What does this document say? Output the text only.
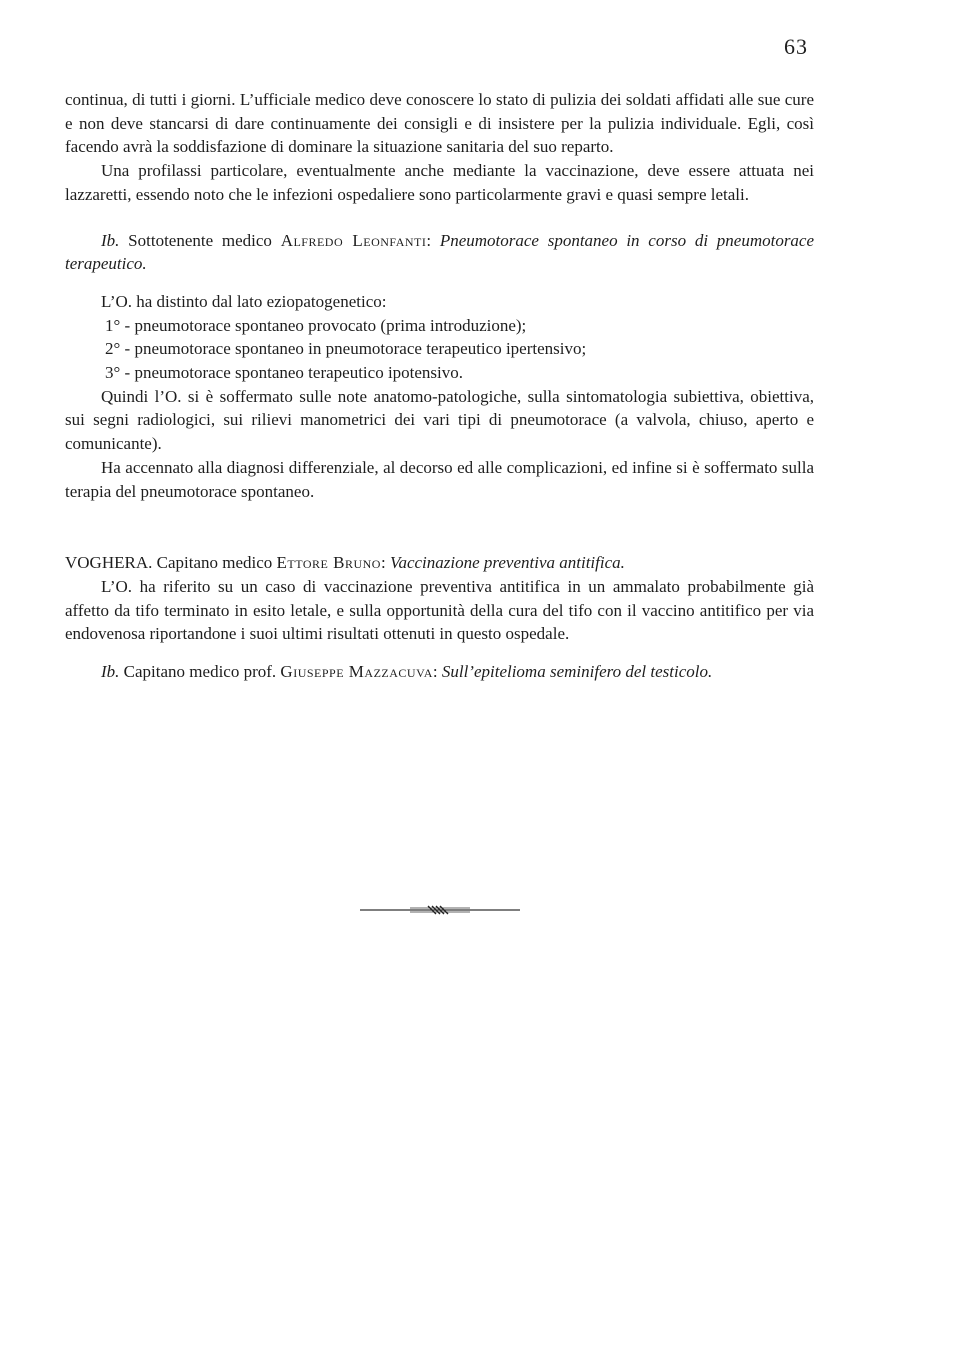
63

continua, di tutti i giorni. L’ufficiale medico deve conoscere lo stato di pulizia dei soldati affidati alle sue cure e non deve stancarsi di dare continuamente dei consigli e di insistere per la pulizia individuale. Egli, così facendo avrà la soddisfazione di dominare la situazione sanitaria del suo reparto.

Una profilassi particolare, eventualmente anche mediante la vaccinazione, deve essere attuata nei lazzaretti, essendo noto che le infezioni ospedaliere sono particolarmente gravi e quasi sempre letali.

Ib. Sottotenente medico Alfredo Leonfanti: Pneumotorace spontaneo in corso di pneumotorace terapeutico.

L’O. ha distinto dal lato eziopatogenetico:

1° - pneumotorace spontaneo provocato (prima introduzione);

2° - pneumotorace spontaneo in pneumotorace terapeutico ipertensivo;

3° - pneumotorace spontaneo terapeutico ipotensivo.

Quindi l’O. si è soffermato sulle note anatomo-patologiche, sulla sintomatologia subiettiva, obiettiva, sui segni radiologici, sui rilievi manometrici dei vari tipi di pneumotorace (a valvola, chiuso, aperto e comunicante).

Ha accennato alla diagnosi differenziale, al decorso ed alle complicazioni, ed infine si è soffermato sulla terapia del pneumotorace spontaneo.

VOGHERA. Capitano medico Ettore Bruno: Vaccinazione preventiva antitifica.

L’O. ha riferito su un caso di vaccinazione preventiva antitifica in un ammalato probabilmente già affetto da tifo terminato in esito letale, e sulla opportunità della cura del tifo con il vaccino antitifico per via endovenosa riportandone i suoi ultimi risultati ottenuti in questo ospedale.

Ib. Capitano medico prof. Giuseppe Mazzacuva: Sull’epitelioma seminifero del testicolo.
